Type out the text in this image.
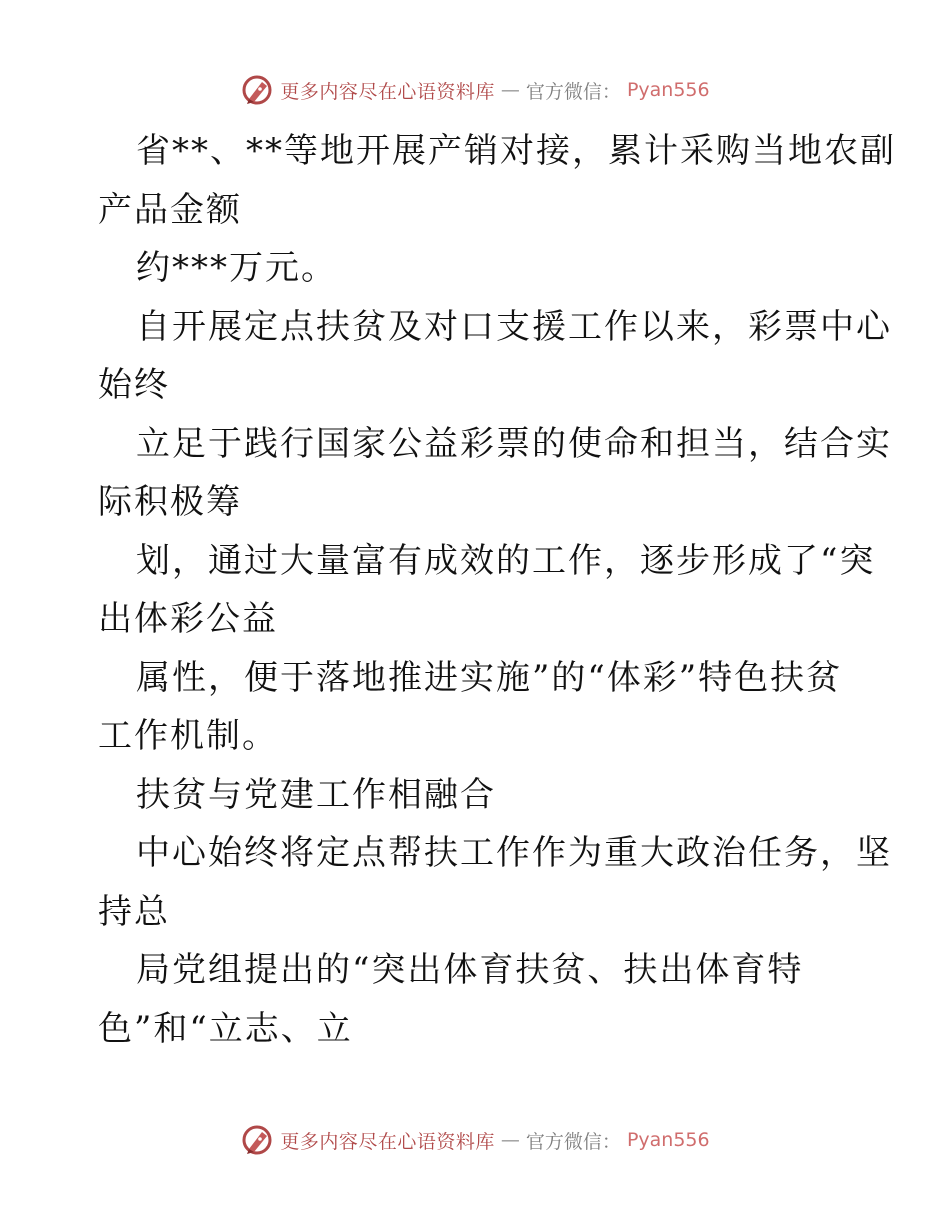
更多内容尽在心语资料库 — 官方微信： Pyan556

省**、**等地开展产销对接，累计采购当地农副

产品金额

约***万元。

自开展定点扶贫及对口支援工作以来，彩票中心

始终

立足于践行国家公益彩票的使命和担当，结合实

际积极筹

划，通过大量富有成效的工作，逐步形成了“突

出体彩公益

属性，便于落地推进实施”的“体彩”特色扶贫

工作机制。

扶贫与党建工作相融合

中心始终将定点帮扶工作作为重大政治任务，坚

持总

局党组提出的“突出体育扶贫、扶出体育特

色”和“立志、立

更多内容尽在心语资料库 — 官方微信： Pyan556
